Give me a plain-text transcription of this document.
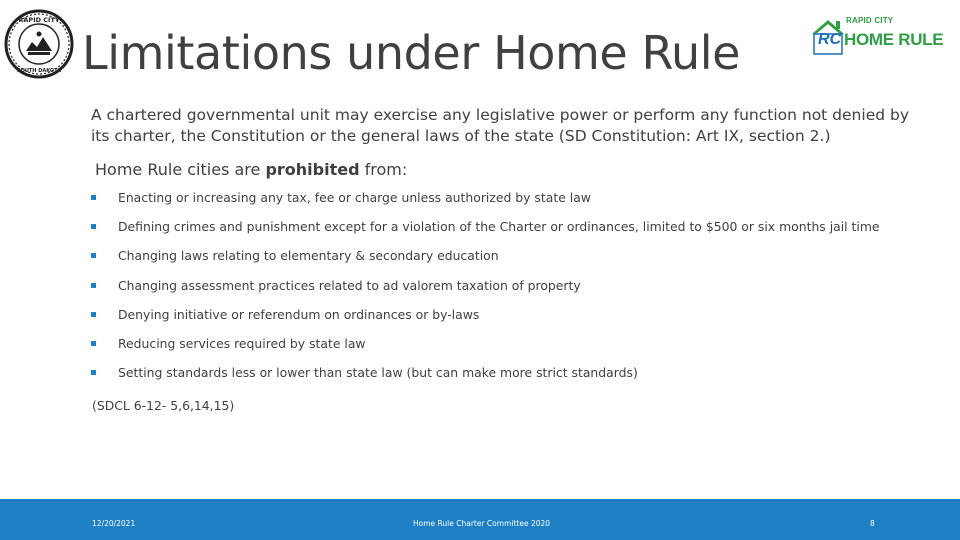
RAPID CITY
SOUTH DAKOTA Limitations under Home Rule	RC
RAPID CITY
HOME RULE

A chartered governmental unit may exercise any legislative power or perform any function not denied by its charter, the Constitution or the general laws of the state (SD Constitution: Art IX, section 2.)

Home Rule cities are prohibited from:

Enacting or increasing any tax, fee or charge unless authorized by state law
Defining crimes and punishment except for a violation of the Charter or ordinances, limited to $500 or six months jail time
Changing laws relating to elementary & secondary education
Changing assessment practices related to ad valorem taxation of property
Denying initiative or referendum on ordinances or by-laws
Reducing services required by state law
Setting standards less or lower than state law (but can make more strict standards)

(SDCL 6-12- 5,6,14,15)

12/20/2021	Home Rule Charter Committee 2020	8
